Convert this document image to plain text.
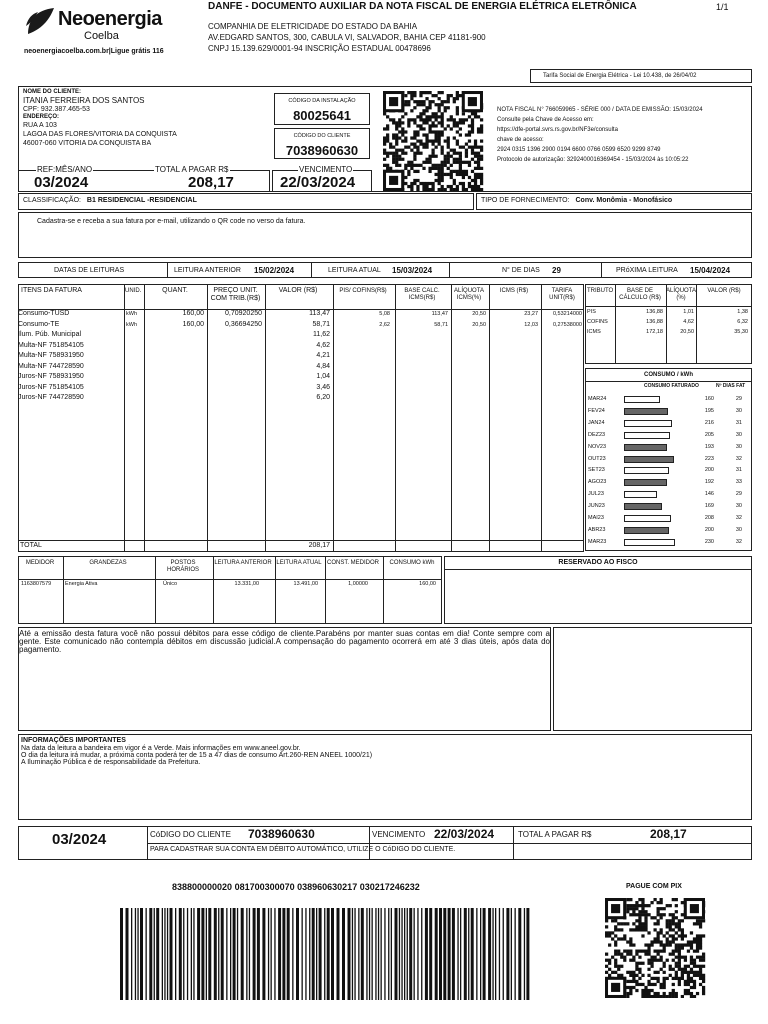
Neoenergia
Coelba
neoenergiacoelba.com.br|Ligue grátis 116
DANFE - DOCUMENTO AUXILIAR DA NOTA FISCAL DE ENERGIA ELÉTRICA ELETRÔNICA	1/1
COMPANHIA DE ELETRICIDADE DO ESTADO DA BAHIA
AV.EDGARD SANTOS, 300, CABULA VI, SALVADOR, BAHIA CEP 41181-900
CNPJ 15.139.629/0001-94 INSCRIÇÃO ESTADUAL 00478696
Tarifa Social de Energia Elétrica - Lei 10.438, de 26/04/02
NOME DO CLIENTE:
ITANIA FERREIRA DOS SANTOS
CPF: 932.387.465-53
ENDEREÇO:
RUA A 103
LAGOA DAS FLORES/VITORIA DA CONQUISTA
46007-060 VITORIA DA CONQUISTA BA
CÓDIGO DA INSTALAÇÃO
80025641
CÓDIGO DO CLIENTE
7038960630
NOTA FISCAL N° 766059965 - SÉRIE 000 / DATA DE EMISSÃO: 15/03/2024
Consulte pela Chave de Acesso em:
https://dfe-portal.svrs.rs.gov.br/NF3e/consulta
chave de acesso:
2924 0315 1396 2900 0194 6600 0766 0599 6520 9299 8749
Protocolo de autorização: 3292400016369454 - 15/03/2024 às 10:05:22
REF:MÊS/ANO
03/2024
TOTAL A PAGAR R$
208,17
VENCIMENTO
22/03/2024
CLASSIFICAÇÃO: B1 RESIDENCIAL -RESIDENCIAL	TIPO DE FORNECIMENTO: Conv. Monômia - Monofásico
Cadastra-se e receba a sua fatura por e-mail, utilizando o QR code no verso da fatura.
DATAS DE LEITURAS	LEITURA ANTERIOR 15/02/2024	LEITURA ATUAL 15/03/2024	N° DE DIAS 29	PRóXIMA LEITURA 15/04/2024
ITENS DA FATURA	UNID.	QUANT.	PREÇO UNIT. COM TRIB.(R$)
VALOR (R$)	PIS/ COFINS(R$)	BASE CALC. ICMS(R$)
ALÍQUOTA ICMS(%)
ICMS (R$)	TARIFA UNIT(R$)
Consumo-TUSD	kWh	160,00	0,70920250	113,47	5,08	113,47	20,50	23,27	0,53214000
Consumo-TE	kWh	160,00	0,36694250	58,71	2,62	58,71	20,50	12,03	0,27538000
Ilum. Púb. Municipal	11,62
Multa-NF 751854105	4,62
Multa-NF 758931950	4,21
Multa-NF 744728590	4,84
Juros-NF 758931950	1,04
Juros-NF 751854105	3,46
Juros-NF 744728590	6,20
TOTAL	208,17
TRIBUTO	BASE DE CÁLCULO (R$)
ALÍQUOTA (%)
VALOR (R$)
PIS	136,88	1,01	1,38
COFINS	136,88	4,62	6,32
ICMS	172,18	20,50	35,30
CONSUMO / kWh
CONSUMO FATURADO	Nº DIAS FAT
MAR24	160	29
FEV24	195	30
JAN24	216	31
DEZ23	205	30
NOV23	193	30
OUT23	223	32
SET23	200	31
AGO23	192	33
JUL23	146	29
JUN23	169	30
MAI23	208	32
ABR23	200	30
MAR23	230	32
MEDIDOR	GRANDEZAS	POSTOS HORÁRIOS
LEITURA ANTERIOR LEITURA ATUAL CONST. MEDIDOR	CONSUMO kWh
1163807579	Energia Ativa	Único	13.331,00	13.491,00	1,00000	160,00
RESERVADO AO FISCO
Até a emissão desta fatura você não possui débitos para esse código de cliente.Parabéns por manter suas contas em dia! Conte sempre com a gente. Este comunicado não contempla débitos em discussão judicial.A compensação do pagamento ocorrerá em até 3 dias úteis, após data do pagamento.
INFORMAÇÕES IMPORTANTES
Na data da leitura a bandeira em vigor é a Verde. Mais informações em www.aneel.gov.br.
O dia da leitura irá mudar, a próxima conta poderá ter de 15 a 47 dias de consumo Art.260-REN ANEEL 1000/21)
A Iluminação Pública é de responsabilidade da Prefeitura.
03/2024	CóDIGO DO CLIENTE 7038960630	VENCIMENTO 22/03/2024	TOTAL A PAGAR R$	208,17
PARA CADASTRAR SUA CONTA EM DÉBITO AUTOMÁTICO, UTILIZE O CóDIGO DO CLIENTE.
838800000020 081700300070 038960630217 030217246232	PAGUE COM PIX
